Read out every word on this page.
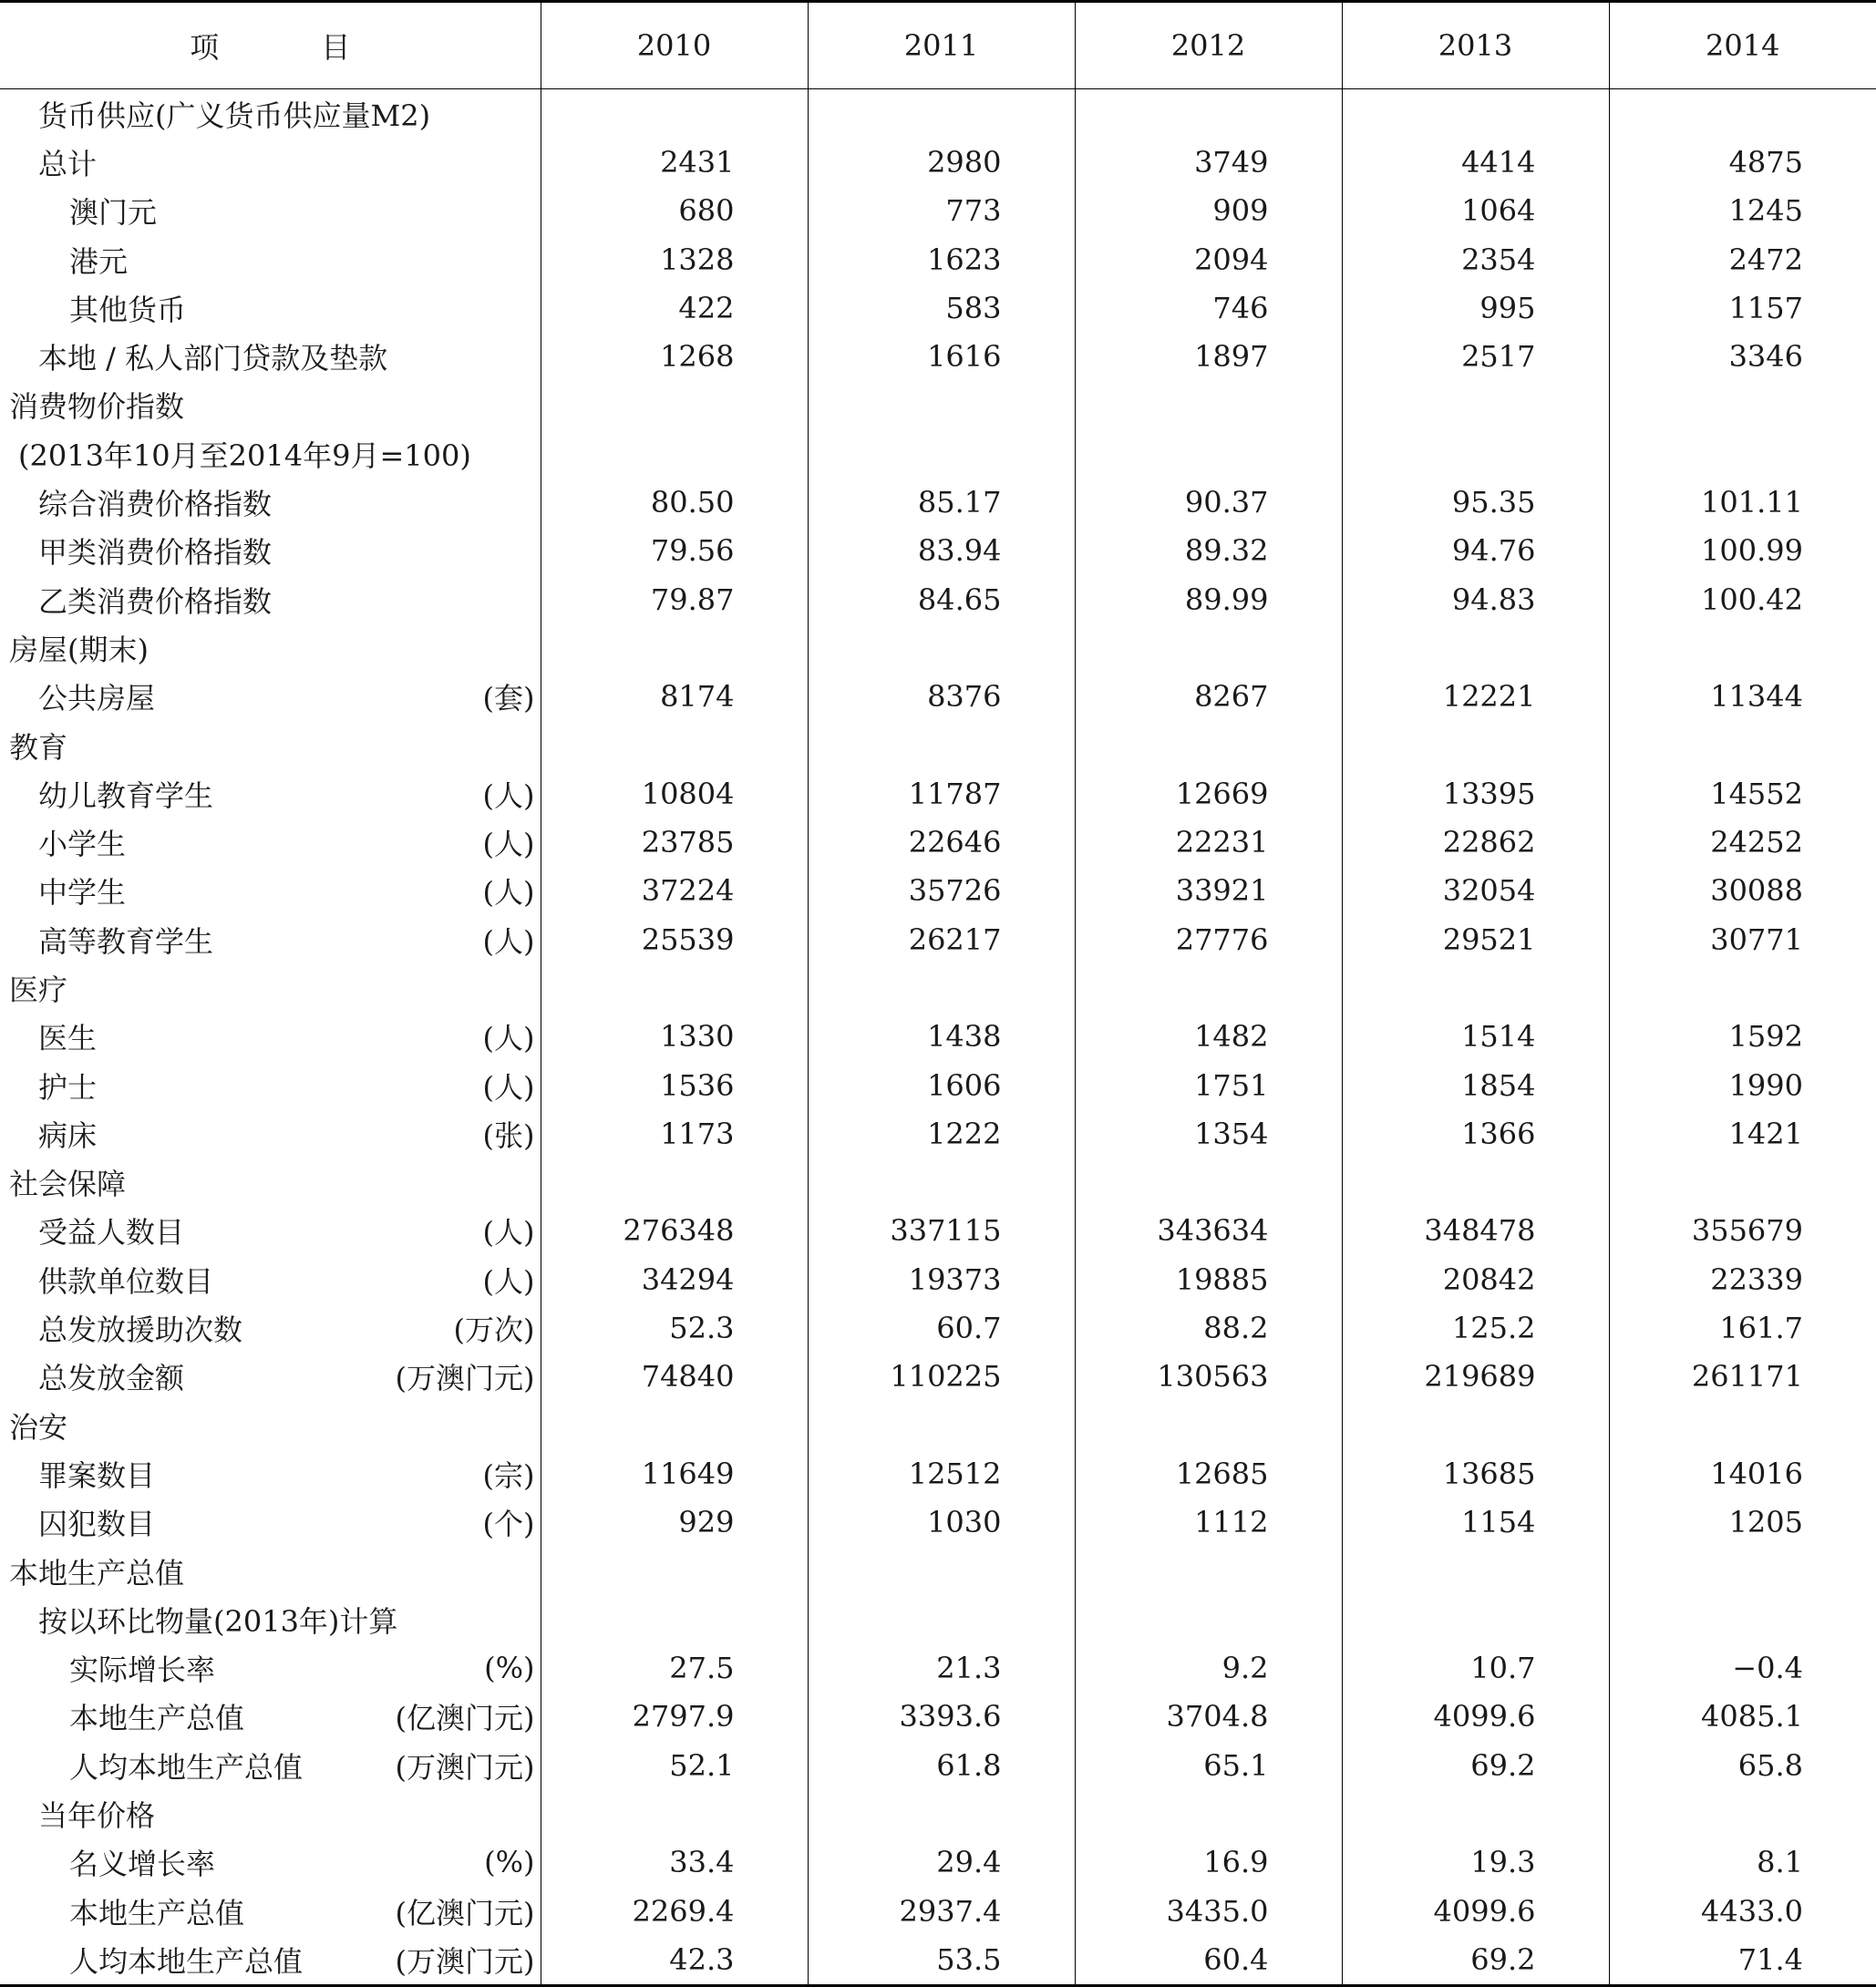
项 目	2010	2011	2012	2013	2014

货币供应(广义货币供应量M2)					

总计	2431	2980	3749	4414	4875

澳门元	680	773	909	1064	1245

港元	1328	1623	2094	2354	2472

其他货币	422	583	746	995	1157

本地 / 私人部门贷款及垫款	1268	1616	1897	2517	3346

消费物价指数					

(2013年10月至2014年9月=100)					

综合消费价格指数	80.50	85.17	90.37	95.35	101.11

甲类消费价格指数	79.56	83.94	89.32	94.76	100.99

乙类消费价格指数	79.87	84.65	89.99	94.83	100.42

房屋(期末)					

公共房屋 (套)	8174	8376	8267	12221	11344

教育					

幼儿教育学生 (人)	10804	11787	12669	13395	14552

小学生 (人)	23785	22646	22231	22862	24252

中学生 (人)	37224	35726	33921	32054	30088

高等教育学生 (人)	25539	26217	27776	29521	30771

医疗					

医生 (人)	1330	1438	1482	1514	1592

护士 (人)	1536	1606	1751	1854	1990

病床 (张)	1173	1222	1354	1366	1421

社会保障					

受益人数目 (人)	276348	337115	343634	348478	355679

供款单位数目 (人)	34294	19373	19885	20842	22339

总发放援助次数 (万次)	52.3	60.7	88.2	125.2	161.7

总发放金额 (万澳门元)	74840	110225	130563	219689	261171

治安					

罪案数目 (宗)	11649	12512	12685	13685	14016

囚犯数目 (个)	929	1030	1112	1154	1205

本地生产总值					

按以环比物量(2013年)计算					

实际增长率 (%)	27.5	21.3	9.2	10.7	−0.4

本地生产总值 (亿澳门元)	2797.9	3393.6	3704.8	4099.6	4085.1

人均本地生产总值 (万澳门元)	52.1	61.8	65.1	69.2	65.8

当年价格					

名义增长率 (%)	33.4	29.4	16.9	19.3	8.1

本地生产总值 (亿澳门元)	2269.4	2937.4	3435.0	4099.6	4433.0

人均本地生产总值 (万澳门元)	42.3	53.5	60.4	69.2	71.4
